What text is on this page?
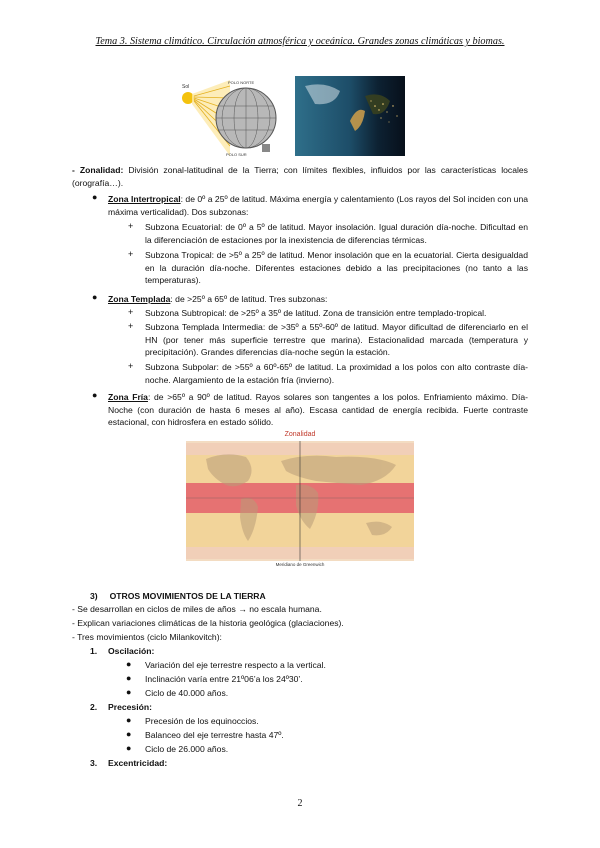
Tema 3. Sistema climático. Circulación atmosférica y oceánica. Grandes zonas climáticas y biomas.
Sol
POLO NORTE
POLO SUR
- Zonalidad: División zonal-latitudinal de la Tierra; con límites flexibles, influidos por las características locales (orografía…).
● Zona Intertropical: de 0º a 25º de latitud. Máxima energía y calentamiento (Los rayos del Sol inciden con una máxima verticalidad). Dos subzonas:
+ Subzona Ecuatorial: de 0º a 5º de latitud. Mayor insolación. Igual duración día-noche. Dificultad en la diferenciación de estaciones por la inexistencia de diferencias térmicas.
+ Subzona Tropical: de >5º a 25º de latitud. Menor insolación que en la ecuatorial. Cierta desigualdad en la duración día-noche. Diferentes estaciones debido a las precipitaciones (no tanto a las temperaturas).
● Zona Templada: de >25º a 65º de latitud. Tres subzonas:
+ Subzona Subtropical: de >25º a 35º de latitud. Zona de transición entre templado-tropical.
+ Subzona Templada Intermedia: de >35º a 55º-60º de latitud. Mayor dificultad de diferenciarlo en el HN (por tener más superficie terrestre que marina). Estacionalidad marcada (temperatura y precipitación). Grandes diferencias día-noche según la estación.
+ Subzona Subpolar: de >55º a 60º-65º de latitud. La proximidad a los polos con alto contraste día- noche. Alargamiento de la estación fría (invierno).
● Zona Fría: de >65º a 90º de latitud. Rayos solares son tangentes a los polos. Enfriamiento máximo. Día- Noche (con duración de hasta 6 meses al año). Escasa cantidad de energía recibida. Fuerte contraste estacional, con hidrosfera en estado sólido.
Zonalidad
Meridiano de Greenwich
3)     OTROS MOVIMIENTOS DE LA TIERRA
- Se desarrollan en ciclos de miles de años → no escala humana.
- Explican variaciones climáticas de la historia geológica (glaciaciones).
- Tres movimientos (ciclo Milankovitch):
1. Oscilación:
● Variación del eje terrestre respecto a la vertical.
● Inclinación varía entre 21º06’a los 24º30’.
● Ciclo de 40.000 años.
2. Precesión:
● Precesión de los equinoccios.
● Balanceo del eje terrestre hasta 47º.
● Ciclo de 26.000 años.
3. Excentricidad:
2
